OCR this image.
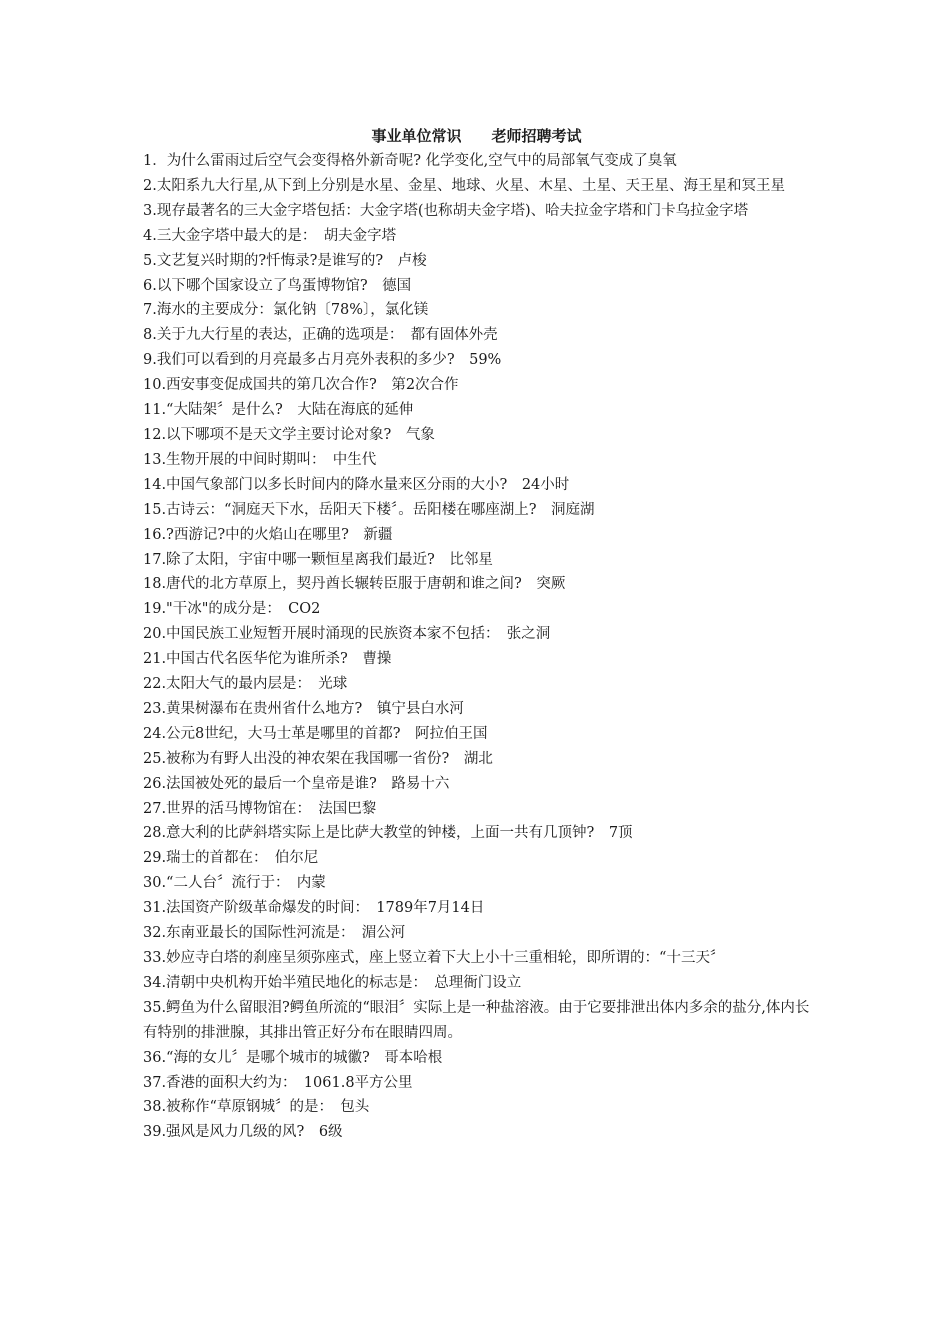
事业单位常识　　老师招聘考试

1．为什么雷雨过后空气会变得格外新奇呢? 化学变化,空气中的局部氧气变成了臭氧

2.太阳系九大行星,从下到上分别是水星、金星、地球、火星、木星、土星、天王星、海王星和冥王星

3.现存最著名的三大金字塔包括：大金字塔(也称胡夫金字塔)、哈夫拉金字塔和门卡乌拉金字塔

4.三大金字塔中最大的是：　胡夫金字塔

5.文艺复兴时期的?忏悔录?是谁写的?　卢梭

6.以下哪个国家设立了鸟蛋博物馆?　德国

7.海水的主要成分：氯化钠〔78%〕，氯化镁

8.关于九大行星的表达，正确的选项是：　都有固体外壳

9.我们可以看到的月亮最多占月亮外表积的多少?　59%

10.西安事变促成国共的第几次合作?　第2次合作

11.“大陆架〞是什么?　大陆在海底的延伸

12.以下哪项不是天文学主要讨论对象?　气象

13.生物开展的中间时期叫：　中生代

14.中国气象部门以多长时间内的降水量来区分雨的大小?　24小时

15.古诗云：“洞庭天下水，岳阳天下楼〞。岳阳楼在哪座湖上?　洞庭湖

16.?西游记?中的火焰山在哪里?　新疆

17.除了太阳，宇宙中哪一颗恒星离我们最近?　比邻星

18.唐代的北方草原上，契丹酋长辗转臣服于唐朝和谁之间?　突厥

19."干冰"的成分是：　CO2

20.中国民族工业短暂开展时涌现的民族资本家不包括：　张之洞

21.中国古代名医华佗为谁所杀?　曹操

22.太阳大气的最内层是：　光球

23.黄果树瀑布在贵州省什么地方?　镇宁县白水河

24.公元8世纪，大马士革是哪里的首都?　阿拉伯王国

25.被称为有野人出没的神农架在我国哪一省份?　湖北

26.法国被处死的最后一个皇帝是谁?　路易十六

27.世界的活马博物馆在：　法国巴黎

28.意大利的比萨斜塔实际上是比萨大教堂的钟楼，上面一共有几顶钟?　7顶

29.瑞士的首都在：　伯尔尼

30.“二人台〞流行于：　内蒙

31.法国资产阶级革命爆发的时间：　1789年7月14日

32.东南亚最长的国际性河流是：　湄公河

33.妙应寺白塔的刹座呈须弥座式，座上竖立着下大上小十三重相轮，即所谓的：“十三天〞

34.清朝中央机构开始半殖民地化的标志是：　总理衙门设立

35.鳄鱼为什么留眼泪?鳄鱼所流的“眼泪〞实际上是一种盐溶液。由于它要排泄出体内多余的盐分,体内长有特别的排泄腺，其排出管正好分布在眼睛四周。

36.“海的女儿〞是哪个城市的城徽?　哥本哈根

37.香港的面积大约为：　1061.8平方公里

38.被称作“草原钢城〞的是：　包头

39.强风是风力几级的风?　6级
